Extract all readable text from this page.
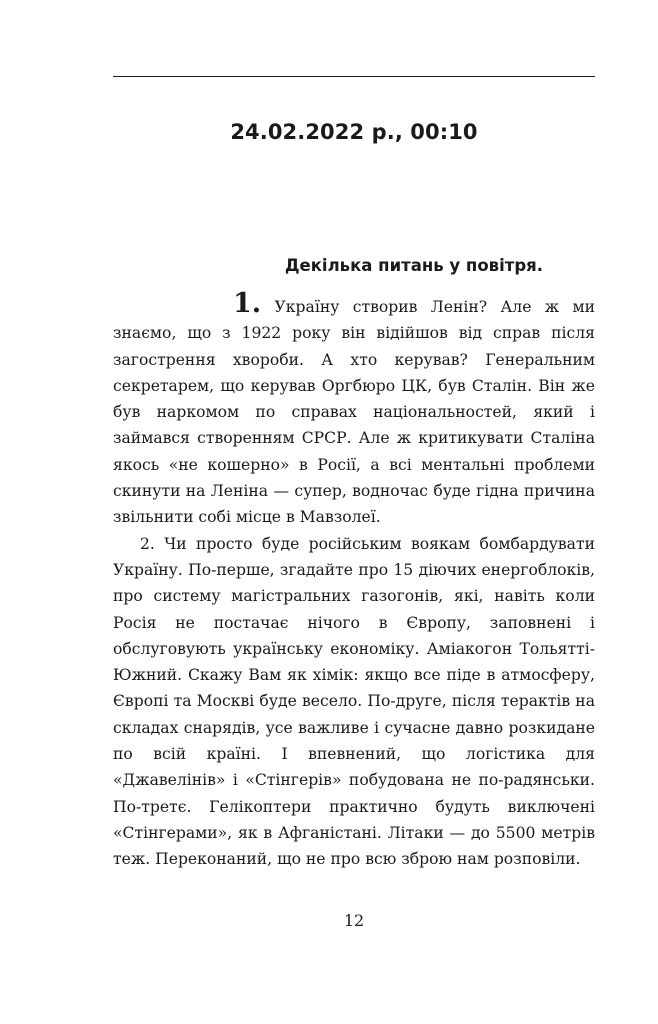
24.02.2022 р., 00:10
Декілька питань у повітря.

1. Україну створив Ленін? Але ж ми знаємо, що з 1922 року він відійшов від справ після загострення хвороби. А хто керував? Генеральним секретарем, що керував Оргбюро ЦК, був Сталін. Він же був наркомом по справах національностей, який і займався створенням СРСР. Але ж критикувати Сталіна якось «не кошерно» в Росії, а всі ментальні проблеми скинути на Леніна — супер, водночас буде гідна причина звільнити собі місце в Мавзолеї.

2. Чи просто буде російським воякам бомбардувати Україну. По-перше, згадайте про 15 діючих енергоблоків, про систему магістральних газогонів, які, навіть коли Росія не постачає нічого в Європу, заповнені і обслуговують українську економіку. Аміакогон Тольятті-Южний. Скажу Вам як хімік: якщо все піде в атмосферу, Європі та Москві буде весело. По-друге, після терактів на складах снарядів, усе важливе і сучасне давно розкидане по всій країні. І впевнений, що логістика для «Джавелінів» і «Стінгерів» побудована не по-радянськи. По-третє. Гелікоптери практично будуть виключені «Стінгерами», як в Афганістані. Літаки — до 5500 метрів теж. Переконаний, що не про всю зброю нам розповіли.

12
